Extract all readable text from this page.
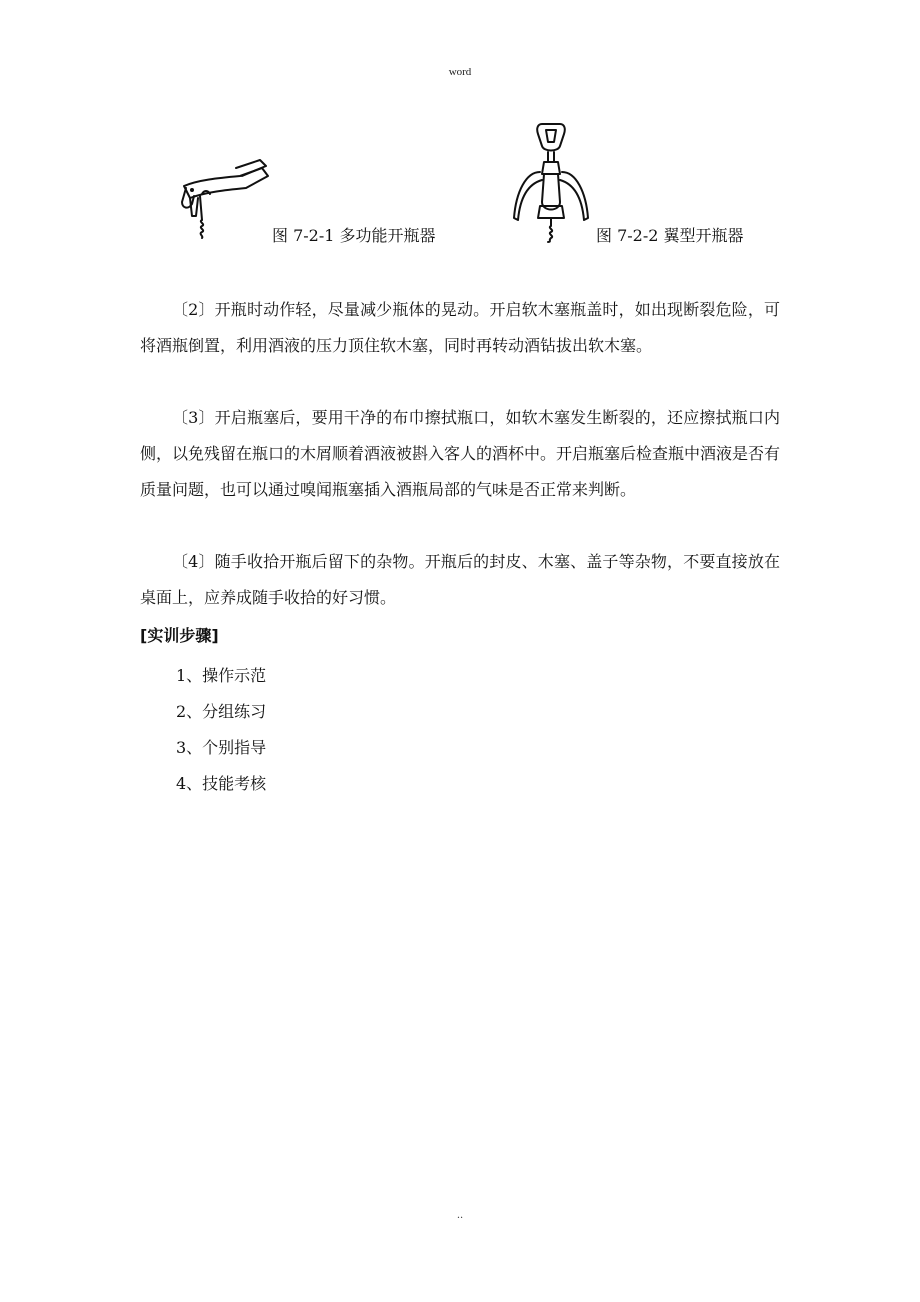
word
图 7-2-1 多功能开瓶器	图 7-2-2 翼型开瓶器

〔2〕开瓶时动作轻，尽量减少瓶体的晃动。开启软木塞瓶盖时，如出现断裂危险，可将酒瓶倒置，利用酒液的压力顶住软木塞，同时再转动酒钻拔出软木塞。

〔3〕开启瓶塞后，要用干净的布巾擦拭瓶口，如软木塞发生断裂的，还应擦拭瓶口内侧，以免残留在瓶口的木屑顺着酒液被斟入客人的酒杯中。开启瓶塞后检查瓶中酒液是否有质量问题，也可以通过嗅闻瓶塞插入酒瓶局部的气味是否正常来判断。

〔4〕随手收拾开瓶后留下的杂物。开瓶后的封皮、木塞、盖子等杂物，不要直接放在桌面上，应养成随手收拾的好习惯。

[实训步骤]
1、操作示范
2、分组练习
3、个别指导
4、技能考核
..
